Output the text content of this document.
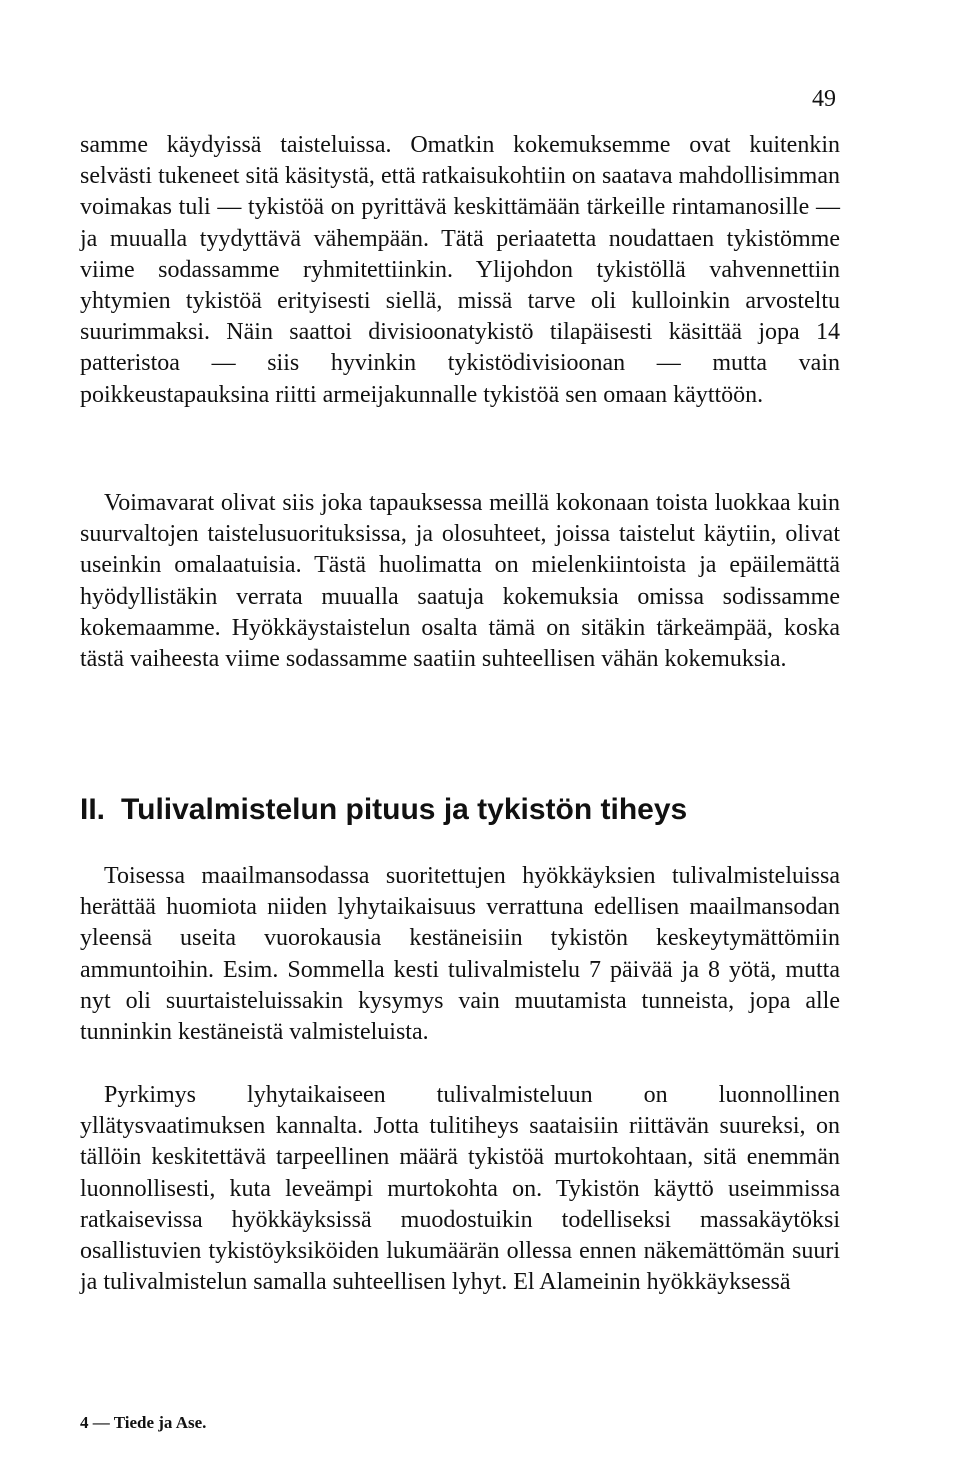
49

samme käydyissä taisteluissa. Omatkin kokemuksemme ovat kuitenkin selvästi tukeneet sitä käsitystä, että ratkaisukohtiin on saatava mahdollisimman voimakas tuli — tykistöä on pyrittävä keskittämään tärkeille rintamanosille — ja muualla tyydyttävä vähempään. Tätä periaatetta noudattaen tykistömme viime sodassamme ryhmitettiinkin. Ylijohdon tykistöllä vahvennettiin yhtymien tykistöä erityisesti siellä, missä tarve oli kulloinkin arvosteltu suurimmaksi. Näin saattoi divisioonatykistö tilapäisesti käsittää jopa 14 patteristoa — siis hyvinkin tykistödivisioonan — mutta vain poikkeustapauksina riitti armeijakunnalle tykistöä sen omaan käyttöön.

Voimavarat olivat siis joka tapauksessa meillä kokonaan toista luokkaa kuin suurvaltojen taistelusuorituksissa, ja olosuhteet, joissa taistelut käytiin, olivat useinkin omalaatuisia. Tästä huolimatta on mielenkiintoista ja epäilemättä hyödyllistäkin verrata muualla saatuja kokemuksia omissa sodissamme kokemaamme. Hyökkäystaistelun osalta tämä on sitäkin tärkeämpää, koska tästä vaiheesta viime sodassamme saatiin suhteellisen vähän kokemuksia.

II. Tulivalmistelun pituus ja tykistön tiheys

Toisessa maailmansodassa suoritettujen hyökkäyksien tulivalmisteluissa herättää huomiota niiden lyhytaikaisuus verrattuna edellisen maailmansodan yleensä useita vuorokausia kestäneisiin tykistön keskeytymättömiin ammuntoihin. Esim. Sommella kesti tulivalmistelu 7 päivää ja 8 yötä, mutta nyt oli suurtaisteluissakin kysymys vain muutamista tunneista, jopa alle tunninkin kestäneistä valmisteluista.

Pyrkimys lyhytaikaiseen tulivalmisteluun on luonnollinen yllätysvaatimuksen kannalta. Jotta tulitiheys saataisiin riittävän suureksi, on tällöin keskitettävä tarpeellinen määrä tykistöä murtokohtaan, sitä enemmän luonnollisesti, kuta leveämpi murtokohta on. Tykistön käyttö useimmissa ratkaisevissa hyökkäyksissä muodostuikin todelliseksi massakäytöksi osallistuvien tykistöyksiköiden lukumäärän ollessa ennen näkemättömän suuri ja tulivalmistelun samalla suhteellisen lyhyt. El Alameinin hyökkäyksessä

4 — Tiede ja Ase.
